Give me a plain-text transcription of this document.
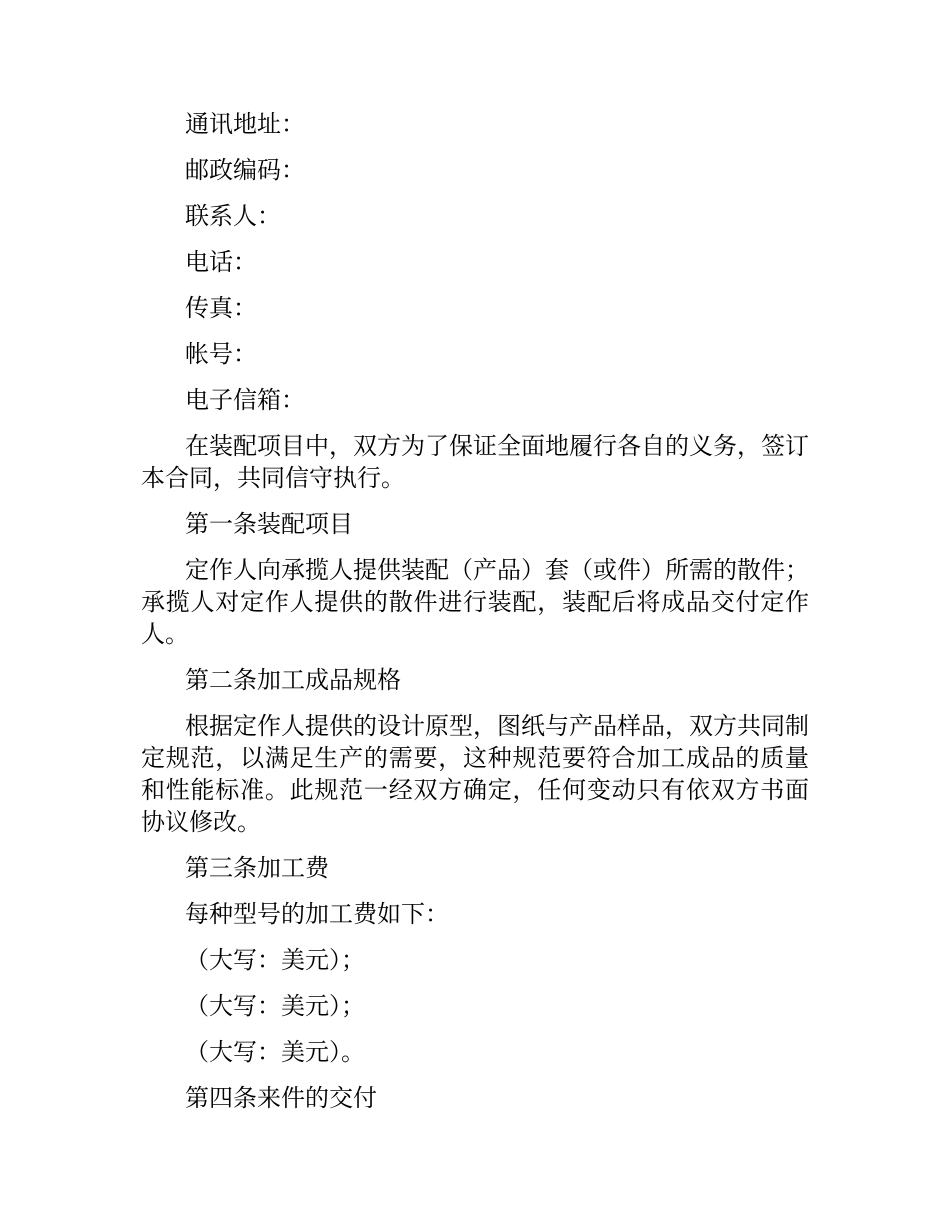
通讯地址：

邮政编码：

联系人：

电话：

传真：

帐号：

电子信箱：

在装配项目中，双方为了保证全面地履行各自的义务，签订本合同，共同信守执行。

第一条装配项目

定作人向承揽人提供装配（产品）套（或件）所需的散件；承揽人对定作人提供的散件进行装配，装配后将成品交付定作人。

第二条加工成品规格

根据定作人提供的设计原型，图纸与产品样品，双方共同制定规范，以满足生产的需要，这种规范要符合加工成品的质量和性能标准。此规范一经双方确定，任何变动只有依双方书面协议修改。

第三条加工费

每种型号的加工费如下：

（大写：美元）；

（大写：美元）；

（大写：美元）。

第四条来件的交付
